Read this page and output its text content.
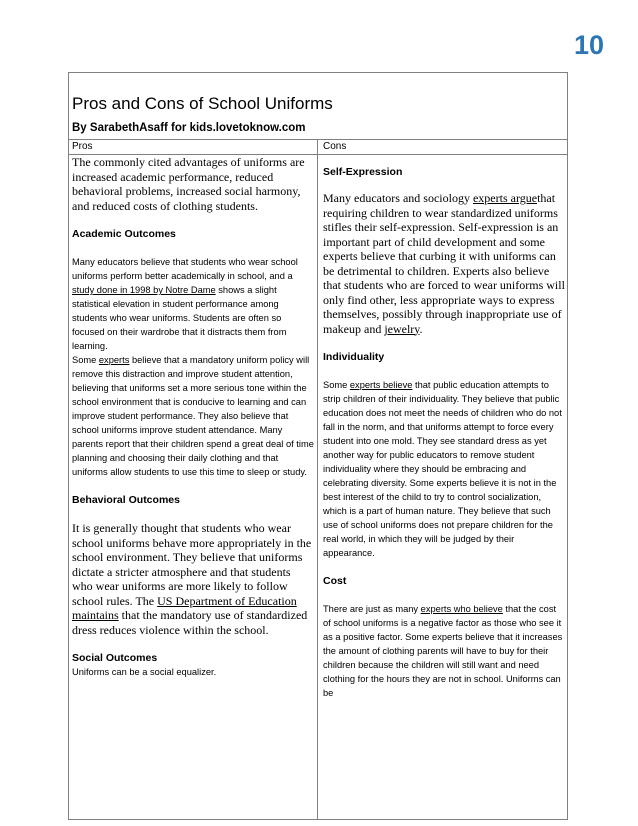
10
Pros and Cons of School Uniforms
By SarabethAsaff for kids.lovetoknow.com
Pros	Cons

The commonly cited advantages of uniforms are increased academic performance, reduced behavioral problems, increased social harmony, and reduced costs of clothing students.

Academic Outcomes

Many educators believe that students who wear school uniforms perform better academically in school, and a study done in 1998 by Notre Dame shows a slight statistical elevation in student performance among students who wear uniforms. Students are often so focused on their wardrobe that it distracts them from learning.

Some experts believe that a mandatory uniform policy will remove this distraction and improve student attention, believing that uniforms set a more serious tone within the school environment that is conducive to learning and can improve student performance. They also believe that school uniforms improve student attendance. Many parents report that their children spend a great deal of time planning and choosing their daily clothing and that uniforms allow students to use this time to sleep or study.

Behavioral Outcomes

It is generally thought that students who wear school uniforms behave more appropriately in the school environment. They believe that uniforms dictate a stricter atmosphere and that students who wear uniforms are more likely to follow school rules. The US Department of Education maintains that the mandatory use of standardized dress reduces violence within the school.

Social Outcomes

Uniforms can be a social equalizer.

Self-Expression

Many educators and sociology experts arguethat requiring children to wear standardized uniforms stifles their self-expression. Self-expression is an important part of child development and some experts believe that curbing it with uniforms can be detrimental to children. Experts also believe that students who are forced to wear uniforms will only find other, less appropriate ways to express themselves, possibly through inappropriate use of makeup and jewelry.

Individuality

Some experts believe that public education attempts to strip children of their individuality. They believe that public education does not meet the needs of children who do not fall in the norm, and that uniforms attempt to force every student into one mold. They see standard dress as yet another way for public educators to remove student individuality where they should be embracing and celebrating diversity. Some experts believe it is not in the best interest of the child to try to control socialization, which is a part of human nature. They believe that such use of school uniforms does not prepare children for the real world, in which they will be judged by their appearance.

Cost

There are just as many experts who believe that the cost of school uniforms is a negative factor as those who see it as a positive factor. Some experts believe that it increases the amount of clothing parents will have to buy for their children because the children will still want and need clothing for the hours they are not in school. Uniforms can be
